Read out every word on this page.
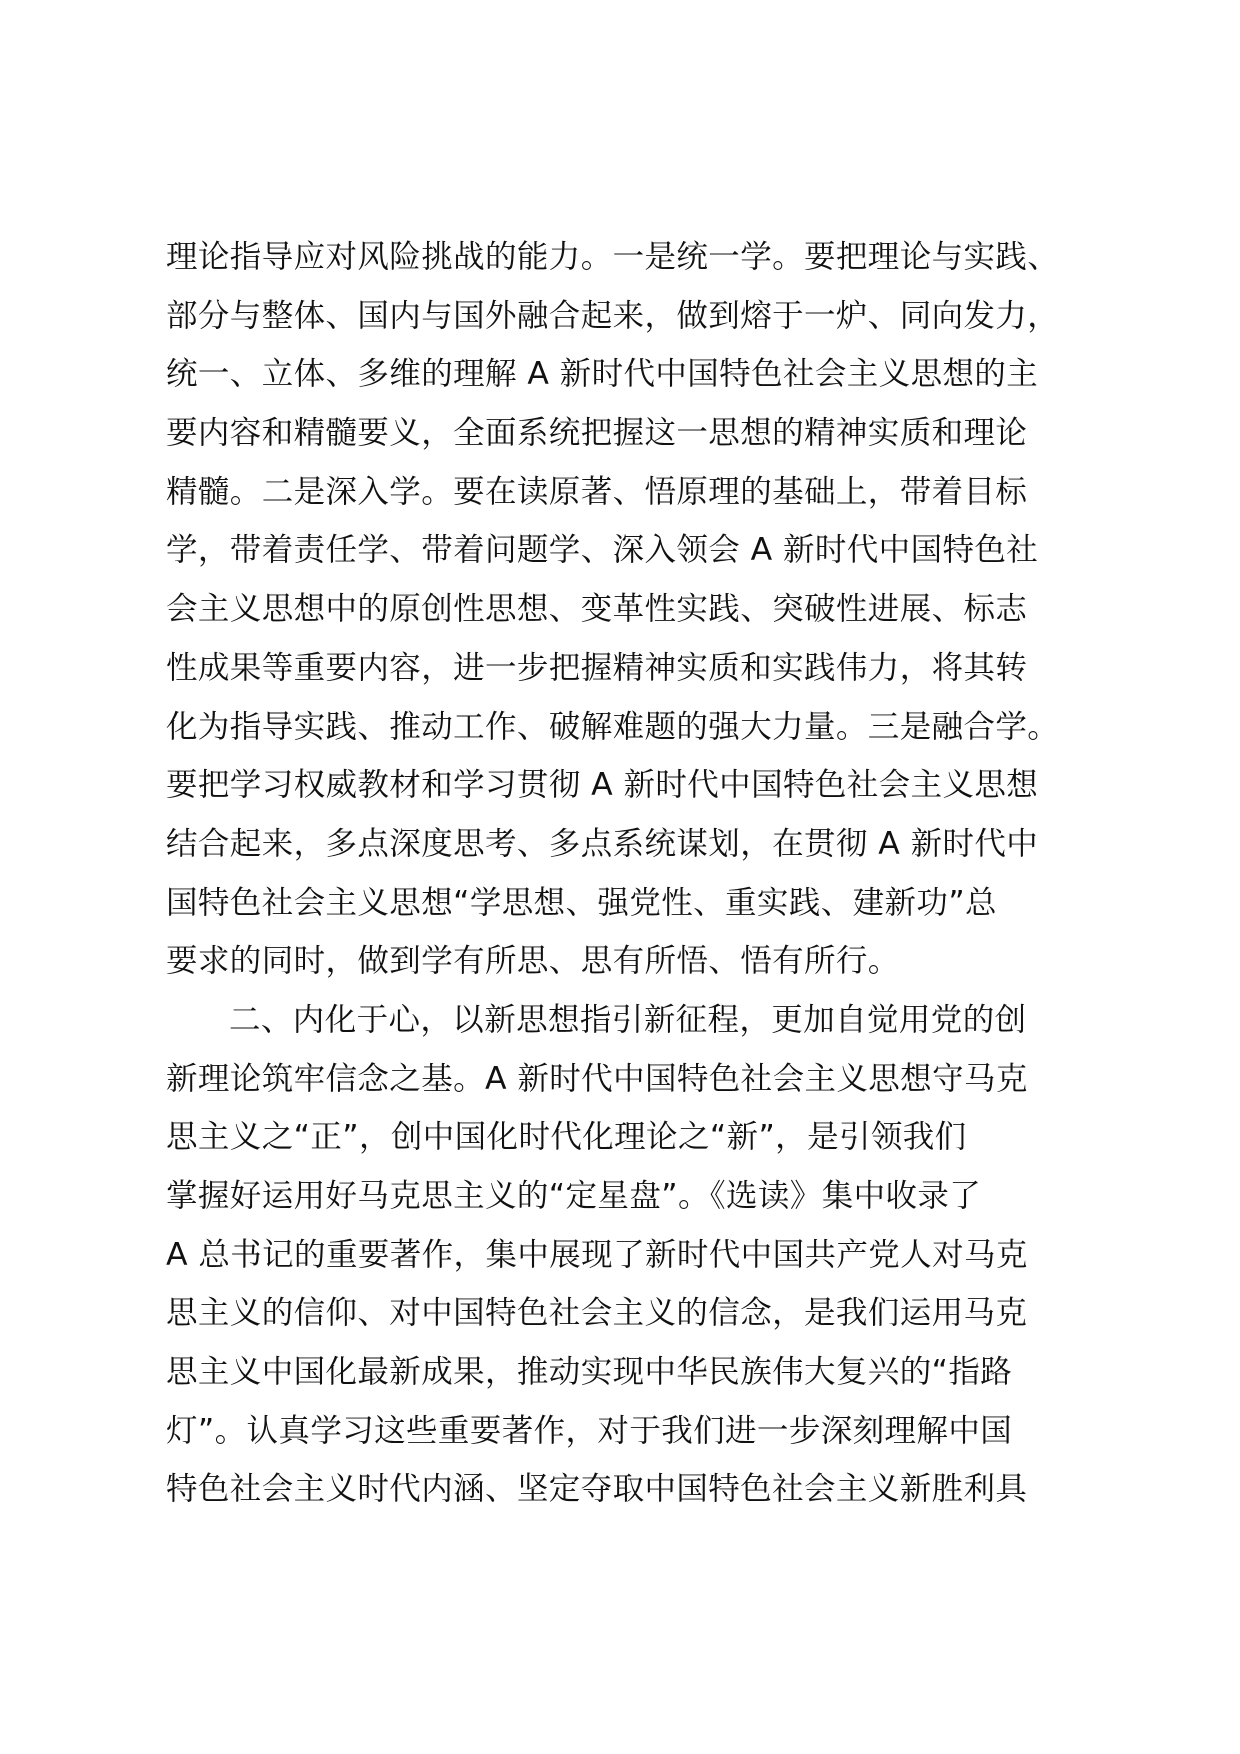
理论指导应对风险挑战的能力。一是统一学。要把理论与实践、
部分与整体、国内与国外融合起来，做到熔于一炉、同向发力，
统一、立体、多维的理解 A 新时代中国特色社会主义思想的主
要内容和精髓要义，全面系统把握这一思想的精神实质和理论
精髓。二是深入学。要在读原著、悟原理的基础上，带着目标
学，带着责任学、带着问题学、深入领会 A 新时代中国特色社
会主义思想中的原创性思想、变革性实践、突破性进展、标志
性成果等重要内容，进一步把握精神实质和实践伟力，将其转
化为指导实践、推动工作、破解难题的强大力量。三是融合学。
要把学习权威教材和学习贯彻 A 新时代中国特色社会主义思想
结合起来，多点深度思考、多点系统谋划，在贯彻 A 新时代中
国特色社会主义思想“学思想、强党性、重实践、建新功”总
要求的同时，做到学有所思、思有所悟、悟有所行。
二、内化于心，以新思想指引新征程，更加自觉用党的创
新理论筑牢信念之基。A 新时代中国特色社会主义思想守马克
思主义之“正”，创中国化时代化理论之“新”，是引领我们
掌握好运用好马克思主义的“定星盘”。《选读》集中收录了
A 总书记的重要著作，集中展现了新时代中国共产党人对马克
思主义的信仰、对中国特色社会主义的信念，是我们运用马克
思主义中国化最新成果，推动实现中华民族伟大复兴的“指路
灯”。认真学习这些重要著作，对于我们进一步深刻理解中国
特色社会主义时代内涵、坚定夺取中国特色社会主义新胜利具
